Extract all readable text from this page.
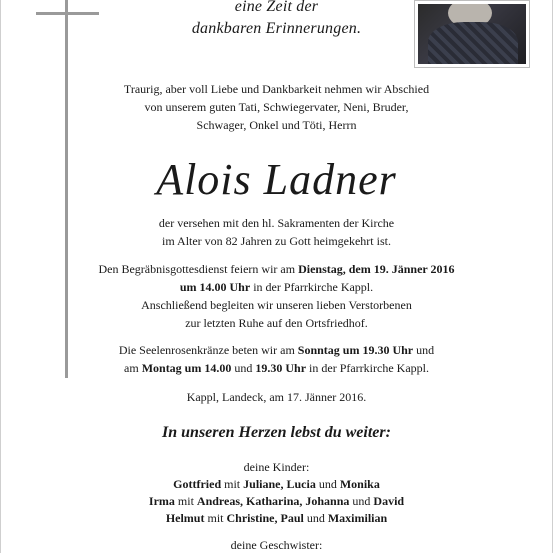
eine Zeit der
dankbaren Erinnerungen.
Traurig, aber voll Liebe und Dankbarkeit nehmen wir Abschied
von unserem guten Tati, Schwiegervater, Neni, Bruder,
Schwager, Onkel und Töti, Herrn
Alois Ladner
der versehen mit den hl. Sakramenten der Kirche
im Alter von 82 Jahren zu Gott heimgekehrt ist.
Den Begräbnisgottesdienst feiern wir am Dienstag, dem 19. Jänner 2016
um 14.00 Uhr in der Pfarrkirche Kappl.
Anschließend begleiten wir unseren lieben Verstorbenen
zur letzten Ruhe auf den Ortsfriedhof.
Die Seelenrosenkränze beten wir am Sonntag um 19.30 Uhr und
am Montag um 14.00 und 19.30 Uhr in der Pfarrkirche Kappl.
Kappl, Landeck, am 17. Jänner 2016.
In unseren Herzen lebst du weiter:
deine Kinder:
Gottfried mit Juliane, Lucia und Monika
Irma mit Andreas, Katharina, Johanna und David
Helmut mit Christine, Paul und Maximilian
deine Geschwister:
